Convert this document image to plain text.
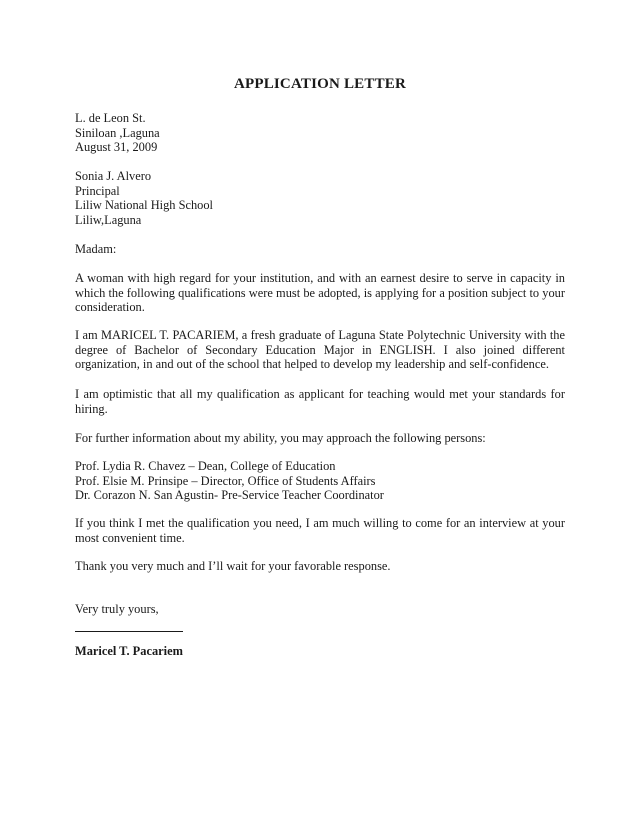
APPLICATION LETTER
L. de Leon St.
Siniloan ,Laguna
August 31, 2009
Sonia J. Alvero
Principal
Liliw National High School
Liliw,Laguna
Madam:
A woman with high regard for your institution, and with an earnest desire to serve in capacity in which the following qualifications were must be adopted, is applying for a position subject to your consideration.
I am MARICEL T. PACARIEM, a fresh graduate of Laguna State Polytechnic University with the degree of Bachelor of Secondary Education Major in ENGLISH. I also joined different organization, in and out of the school that helped to develop my leadership and self-confidence.
I am optimistic that all my qualification as applicant for teaching would met your standards for hiring.
For further information about my ability, you may approach the following persons:
Prof. Lydia R. Chavez – Dean, College of Education
Prof. Elsie M. Prinsipe – Director, Office of Students Affairs
Dr. Corazon N. San Agustin- Pre-Service Teacher Coordinator
If you think I met the qualification you need, I am much willing to come for an interview at your most convenient time.
Thank you very much and I’ll wait for your favorable response.
Very truly yours,
Maricel T. Pacariem
